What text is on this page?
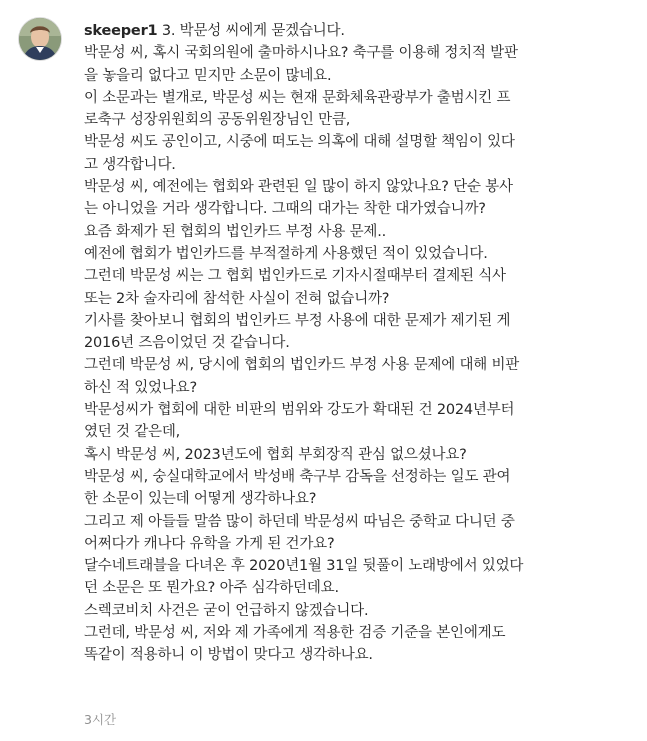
skeeper1 3. 박문성 씨에게 묻겠습니다.
박문성 씨, 혹시 국회의원에 출마하시나요? 축구를 이용해 정치적 발판
을 놓을리 없다고 믿지만 소문이 많네요.
이 소문과는 별개로, 박문성 씨는 현재 문화체육관광부가 출범시킨 프
로축구 성장위원회의 공동위원장님인 만큼,
박문성 씨도 공인이고, 시중에 떠도는 의혹에 대해 설명할 책임이 있다
고 생각합니다.
박문성 씨, 예전에는 협회와 관련된 일 많이 하지 않았나요? 단순 봉사
는 아니었을 거라 생각합니다. 그때의 대가는 착한 대가였습니까?
요즘 화제가 된 협회의 법인카드 부정 사용 문제..
예전에 협회가 법인카드를 부적절하게 사용했던 적이 있었습니다.
그런데 박문성 씨는 그 협회 법인카드로 기자시절때부터 결제된 식사
또는 2차 술자리에 참석한 사실이 전혀 없습니까?
기사를 찾아보니 협회의 법인카드 부정 사용에 대한 문제가 제기된 게
2016년 즈음이었던 것 같습니다.
그런데 박문성 씨, 당시에 협회의 법인카드 부정 사용 문제에 대해 비판
하신 적 있었나요?
박문성씨가 협회에 대한 비판의 범위와 강도가 확대된 건 2024년부터
였던 것 같은데,
혹시 박문성 씨, 2023년도에 협회 부회장직 관심 없으셨나요?
박문성 씨, 숭실대학교에서 박성배 축구부 감독을 선정하는 일도 관여
한 소문이 있는데 어떻게 생각하나요?
그리고 제 아들들 말씀 많이 하던데 박문성씨 따님은 중학교 다니던 중
어쩌다가 캐나다 유학을 가게 된 건가요?
달수네트래블을 다녀온 후 2020년1월 31일 뒷풀이 노래방에서 있었다
던 소문은 또 뭔가요? 아주 심각하던데요.
스렉코비치 사건은 굳이 언급하지 않겠습니다.
그런데, 박문성 씨, 저와 제 가족에게 적용한 검증 기준을 본인에게도
똑같이 적용하니 이 방법이 맞다고 생각하나요.
3시간
